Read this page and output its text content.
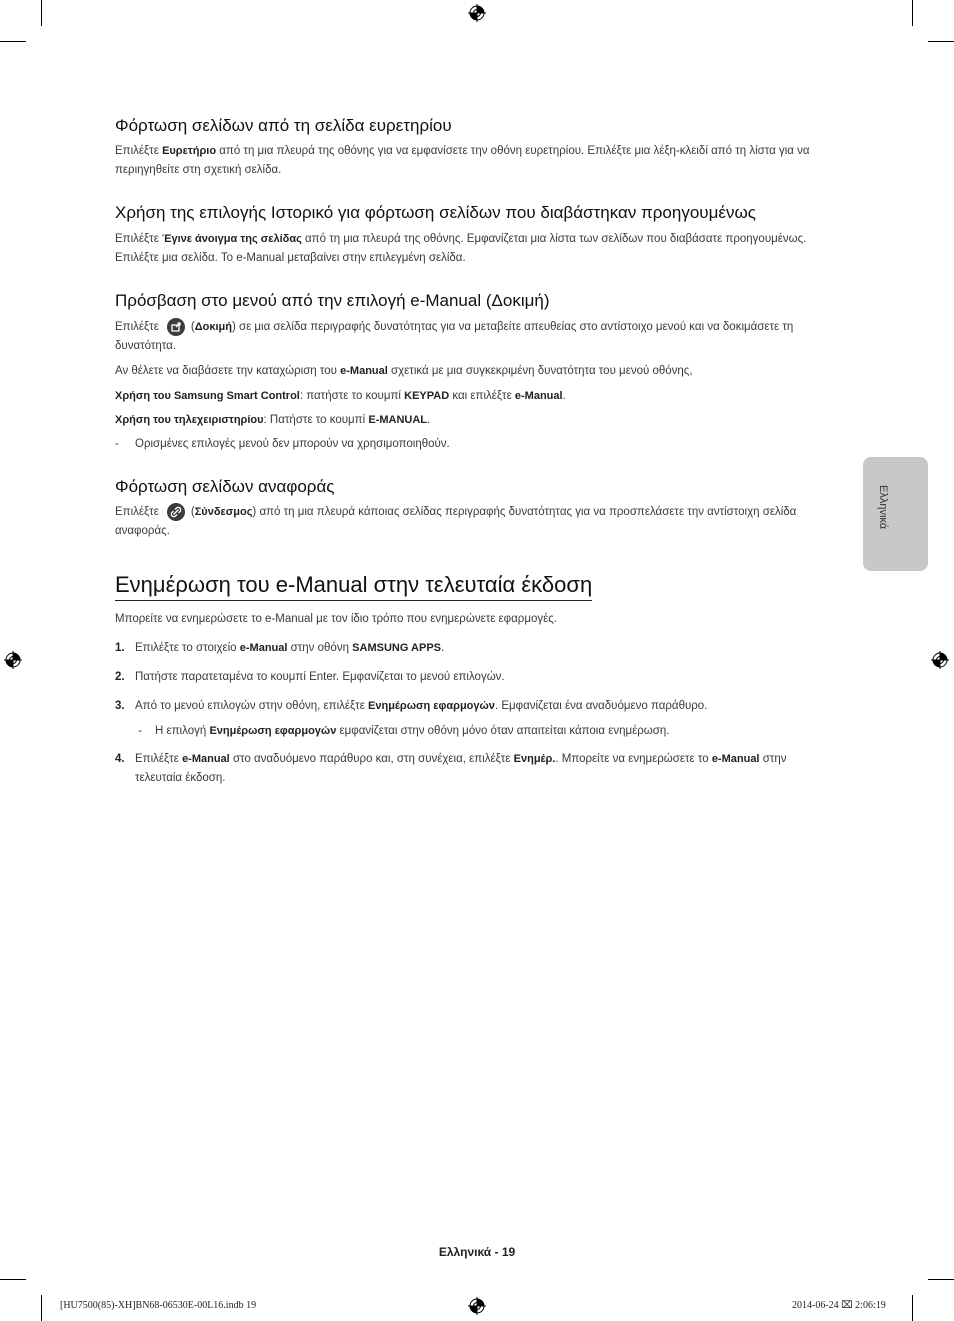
Φόρτωση σελίδων από τη σελίδα ευρετηρίου

Επιλέξτε Ευρετήριο από τη μια πλευρά της οθόνης για να εμφανίσετε την οθόνη ευρετηρίου. Επιλέξτε μια λέξη-κλειδί από τη λίστα για να περιηγηθείτε στη σχετική σελίδα.

Χρήση της επιλογής Ιστορικό για φόρτωση σελίδων που διαβάστηκαν προηγουμένως

Επιλέξτε Έγινε άνοιγμα της σελίδας από τη μια πλευρά της οθόνης. Εμφανίζεται μια λίστα των σελίδων που διαβάσατε προηγουμένως. Επιλέξτε μια σελίδα. Το e-Manual μεταβαίνει στην επιλεγμένη σελίδα.

Πρόσβαση στο μενού από την επιλογή e-Manual (Δοκιμή)

Επιλέξτε	(Δοκιμή) σε μια σελίδα περιγραφής δυνατότητας για να μεταβείτε απευθείας στο αντίστοιχο μενού και να δοκιμάσετε τη δυνατότητα.

Αν θέλετε να διαβάσετε την καταχώριση του e-Manual σχετικά με μια συγκεκριμένη δυνατότητα του μενού οθόνης,

Χρήση του Samsung Smart Control: πατήστε το κουμπί KEYPAD και επιλέξτε e-Manual.

Χρήση του τηλεχειριστηρίου: Πατήστε το κουμπί E-MANUAL.

- Ορισμένες επιλογές μενού δεν μπορούν να χρησιμοποιηθούν.

Φόρτωση σελίδων αναφοράς

Επιλέξτε	(Σύνδεσμος) από τη μια πλευρά κάποιας σελίδας περιγραφής δυνατότητας για να προσπελάσετε την αντίστοιχη σελίδα αναφοράς.

Ενημέρωση του e-Manual στην τελευταία έκδοση

Μπορείτε να ενημερώσετε το e-Manual με τον ίδιο τρόπο που ενημερώνετε εφαρμογές.

1. Επιλέξτε το στοιχείο e-Manual στην οθόνη SAMSUNG APPS.

2. Πατήστε παρατεταμένα το κουμπί Enter. Εμφανίζεται το μενού επιλογών.

3. Από το μενού επιλογών στην οθόνη, επιλέξτε Ενημέρωση εφαρμογών. Εμφανίζεται ένα αναδυόμενο παράθυρο.

- Η επιλογή Ενημέρωση εφαρμογών εμφανίζεται στην οθόνη μόνο όταν απαιτείται κάποια ενημέρωση.

4. Επιλέξτε e-Manual στο αναδυόμενο παράθυρο και, στη συνέχεια, επιλέξτε Ενημέρ.. Μπορείτε να ενημερώσετε το e-Manual στην τελευταία έκδοση.

Ελληνικά
Ελληνικά - 19
[HU7500(85)-XH]BN68-06530E-00L16.indb 19	2014-06-24 ⌧ 2:06:19
